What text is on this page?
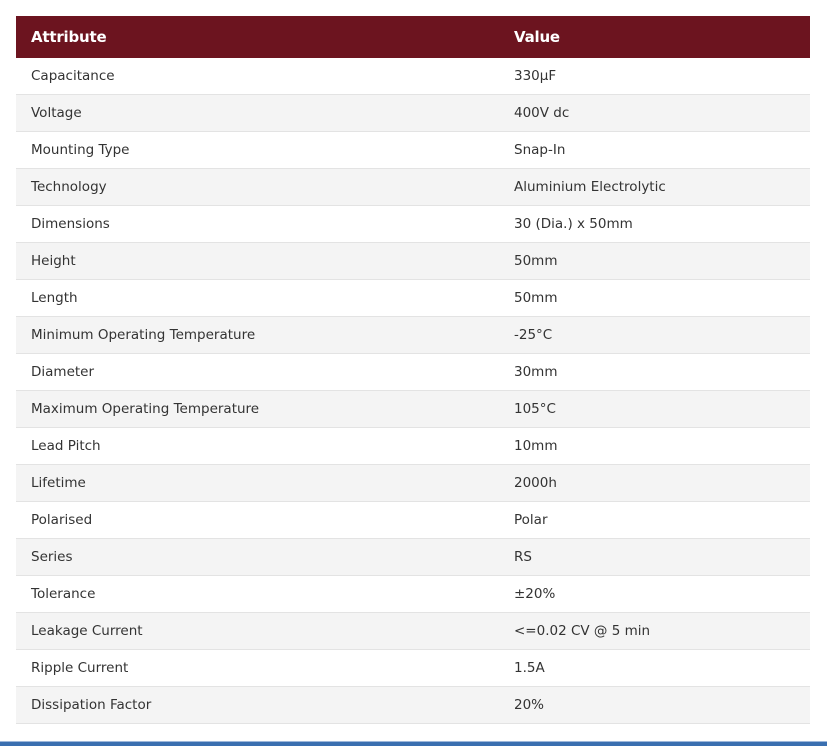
Attribute	Value
Capacitance	330μF
Voltage	400V dc
Mounting Type	Snap-In
Technology	Aluminium Electrolytic
Dimensions	30 (Dia.) x 50mm
Height	50mm
Length	50mm
Minimum Operating Temperature	-25°C
Diameter	30mm
Maximum Operating Temperature	105°C
Lead Pitch	10mm
Lifetime	2000h
Polarised	Polar
Series	RS
Tolerance	±20%
Leakage Current	<=0.02 CV @ 5 min
Ripple Current	1.5A
Dissipation Factor	20%
